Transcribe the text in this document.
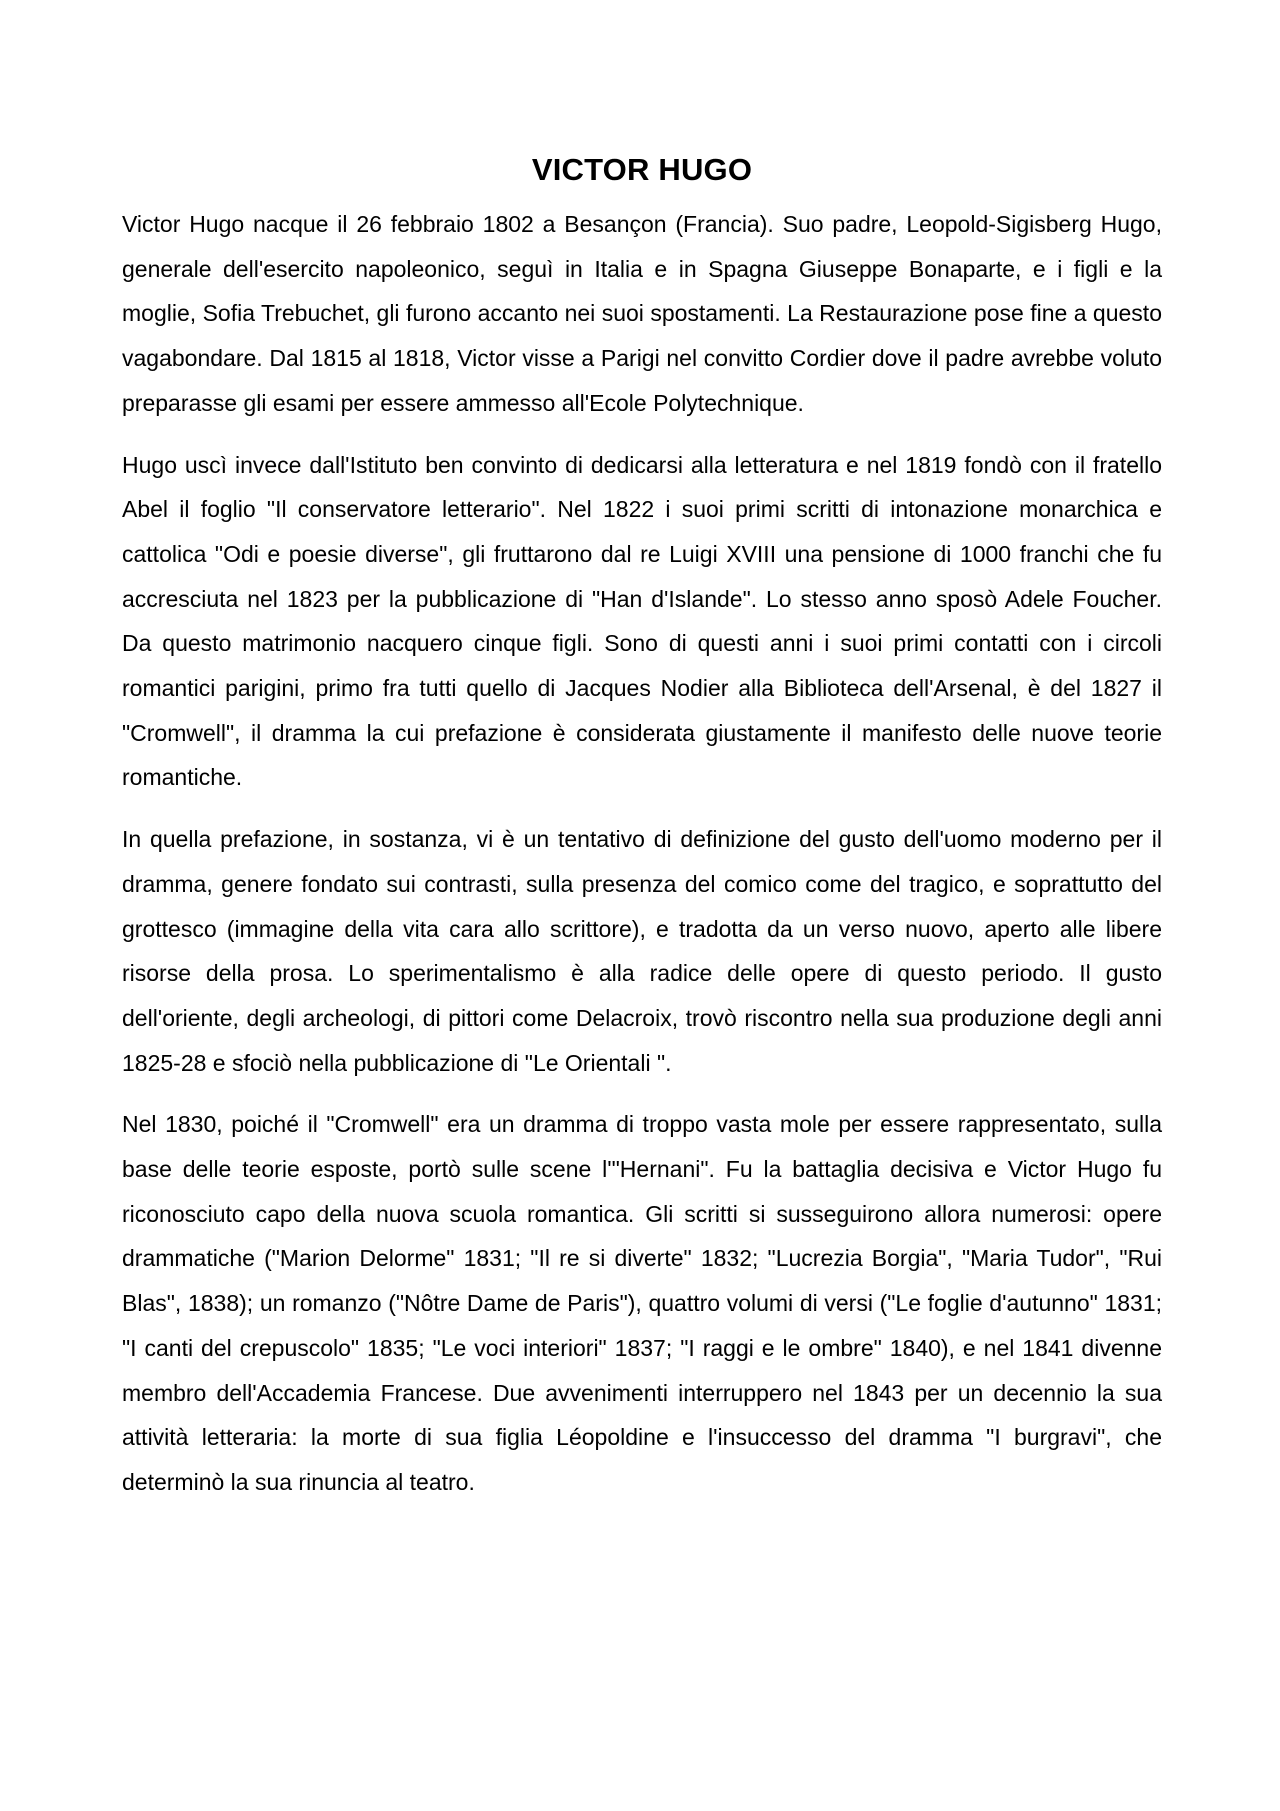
VICTOR HUGO

Victor Hugo nacque il 26 febbraio 1802 a Besançon (Francia). Suo padre, Leopold-Sigisberg Hugo, generale dell'esercito napoleonico, seguì in Italia e in Spagna Giuseppe Bonaparte, e i figli e la moglie, Sofia Trebuchet, gli furono accanto nei suoi spostamenti. La Restaurazione pose fine a questo vagabondare. Dal 1815 al 1818, Victor visse a Parigi nel convitto Cordier dove il padre avrebbe voluto preparasse gli esami per essere ammesso all'Ecole Polytechnique.

Hugo uscì invece dall'Istituto ben convinto di dedicarsi alla letteratura e nel 1819 fondò con il fratello Abel il foglio "Il conservatore letterario". Nel 1822 i suoi primi scritti di intonazione monarchica e cattolica "Odi e poesie diverse", gli fruttarono dal re Luigi XVIII una pensione di 1000 franchi che fu accresciuta nel 1823 per la pubblicazione di "Han d'Islande". Lo stesso anno sposò Adele Foucher. Da questo matrimonio nacquero cinque figli. Sono di questi anni i suoi primi contatti con i circoli romantici parigini, primo fra tutti quello di Jacques Nodier alla Biblioteca dell'Arsenal, è del 1827 il "Cromwell", il dramma la cui prefazione è considerata giustamente il manifesto delle nuove teorie romantiche.

In quella prefazione, in sostanza, vi è un tentativo di definizione del gusto dell'uomo moderno per il dramma, genere fondato sui contrasti, sulla presenza del comico come del tragico, e soprattutto del grottesco (immagine della vita cara allo scrittore), e tradotta da un verso nuovo, aperto alle libere risorse della prosa. Lo sperimentalismo è alla radice delle opere di questo periodo. Il gusto dell'oriente, degli archeologi, di pittori come Delacroix, trovò riscontro nella sua produzione degli anni 1825-28 e sfociò nella pubblicazione di "Le Orientali ".

Nel 1830, poiché il "Cromwell" era un dramma di troppo vasta mole per essere rappresentato, sulla base delle teorie esposte, portò sulle scene l'"Hernani". Fu la battaglia decisiva e Victor Hugo fu riconosciuto capo della nuova scuola romantica. Gli scritti si susseguirono allora numerosi: opere drammatiche ("Marion Delorme" 1831; "Il re si diverte" 1832; "Lucrezia Borgia", "Maria Tudor", "Rui Blas", 1838); un romanzo ("Nôtre Dame de Paris"), quattro volumi di versi ("Le foglie d'autunno" 1831; "I canti del crepuscolo" 1835; "Le voci interiori" 1837; "I raggi e le ombre" 1840), e nel 1841 divenne membro dell'Accademia Francese. Due avvenimenti interruppero nel 1843 per un decennio la sua attività letteraria: la morte di sua figlia Léopoldine e l'insuccesso del dramma "I burgravi", che determinò la sua rinuncia al teatro.
